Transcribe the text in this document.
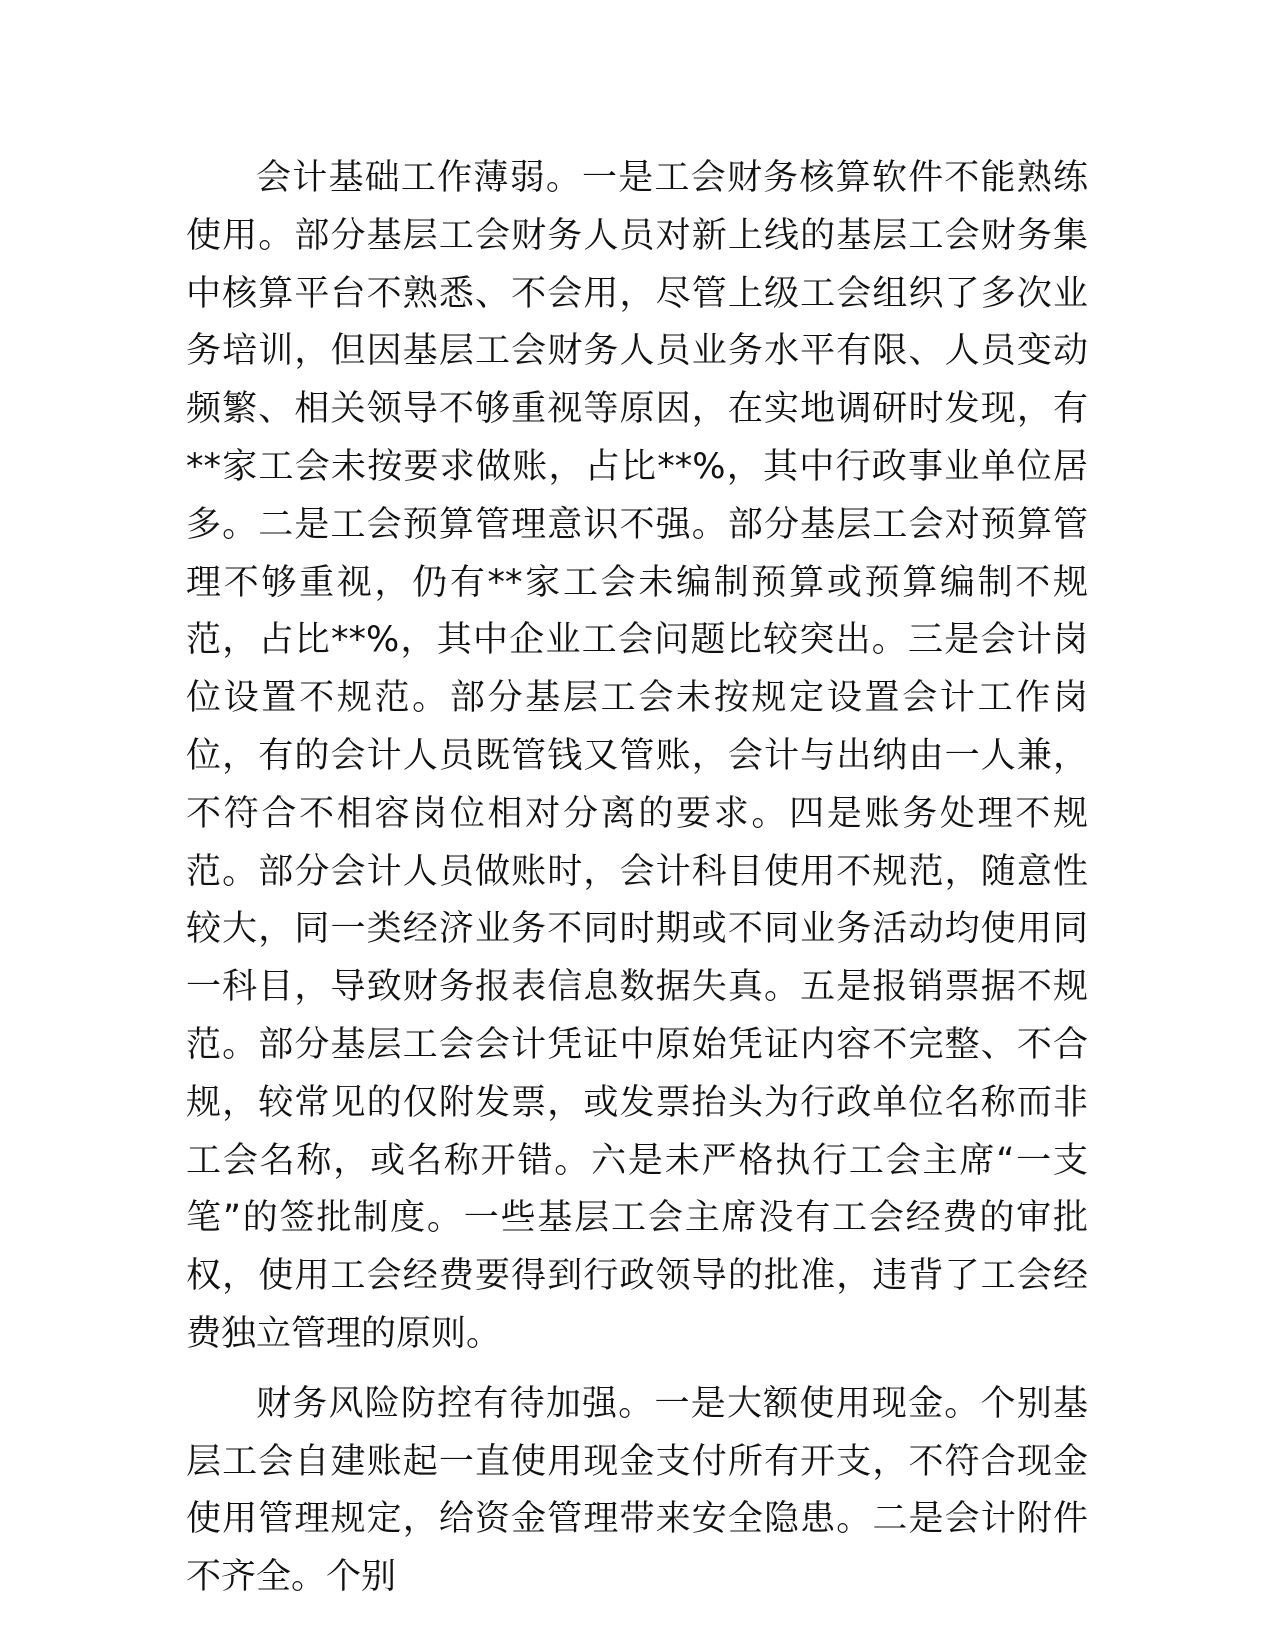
会计基础工作薄弱。一是工会财务核算软件不能熟练使用。部分基层工会财务人员对新上线的基层工会财务集中核算平台不熟悉、不会用，尽管上级工会组织了多次业务培训，但因基层工会财务人员业务水平有限、人员变动频繁、相关领导不够重视等原因，在实地调研时发现，有**家工会未按要求做账，占比**%，其中行政事业单位居多。二是工会预算管理意识不强。部分基层工会对预算管理不够重视，仍有**家工会未编制预算或预算编制不规范，占比**%，其中企业工会问题比较突出。三是会计岗位设置不规范。部分基层工会未按规定设置会计工作岗位，有的会计人员既管钱又管账，会计与出纳由一人兼，不符合不相容岗位相对分离的要求。四是账务处理不规范。部分会计人员做账时，会计科目使用不规范，随意性较大，同一类经济业务不同时期或不同业务活动均使用同一科目，导致财务报表信息数据失真。五是报销票据不规范。部分基层工会会计凭证中原始凭证内容不完整、不合规，较常见的仅附发票，或发票抬头为行政单位名称而非工会名称，或名称开错。六是未严格执行工会主席“一支笔”的签批制度。一些基层工会主席没有工会经费的审批权，使用工会经费要得到行政领导的批准，违背了工会经费独立管理的原则。

财务风险防控有待加强。一是大额使用现金。个别基层工会自建账起一直使用现金支付所有开支，不符合现金使用管理规定，给资金管理带来安全隐患。二是会计附件不齐全。个别
